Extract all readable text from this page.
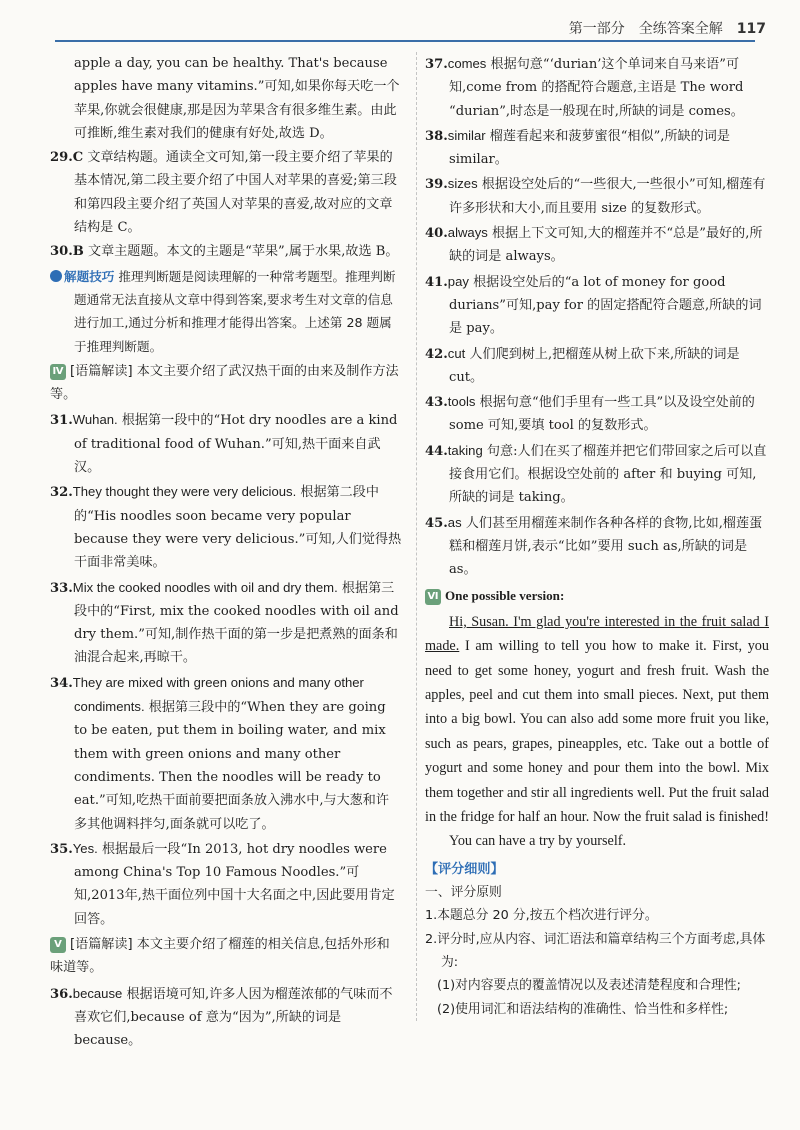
第一部分 全练答案全解 117
apple a day, you can be healthy. That's because apples have many vitamins.”可知,如果你每天吃一个苹果,你就会很健康,那是因为苹果含有很多维生素。由此可推断,维生素对我们的健康有好处,故选 D。
29.C 文章结构题。通读全文可知,第一段主要介绍了苹果的基本情况,第二段主要介绍了中国人对苹果的喜爱;第三段和第四段主要介绍了英国人对苹果的喜爱,故对应的文章结构是 C。
30.B 文章主题题。本文的主题是“苹果”,属于水果,故选 B。
解题技巧 推理判断题是阅读理解的一种常考题型。推理判断题通常无法直接从文章中得到答案,要求考生对文章的信息进行加工,通过分析和推理才能得出答案。上述第 28 题属于推理判断题。
Ⅳ [语篇解读] 本文主要介绍了武汉热干面的由来及制作方法等。
31.Wuhan. 根据第一段中的“Hot dry noodles are a kind of traditional food of Wuhan.”可知,热干面来自武汉。
32.They thought they were very delicious. 根据第二段中的“His noodles soon became very popular because they were very delicious.”可知,人们觉得热干面非常美味。
33.Mix the cooked noodles with oil and dry them. 根据第三段中的“First, mix the cooked noodles with oil and dry them.”可知,制作热干面的第一步是把煮熟的面条和油混合起来,再晾干。
34.They are mixed with green onions and many other condiments. 根据第三段中的“When they are going to be eaten, put them in boiling water, and mix them with green onions and many other condiments. Then the noodles will be ready to eat.”可知,吃热干面前要把面条放入沸水中,与大葱和许多其他调料拌匀,面条就可以吃了。
35.Yes. 根据最后一段“In 2013, hot dry noodles were among China's Top 10 Famous Noodles.”可知,2013年,热干面位列中国十大名面之中,因此要用肯定回答。
Ⅴ [语篇解读] 本文主要介绍了榴莲的相关信息,包括外形和味道等。
36.because 根据语境可知,许多人因为榴莲浓郁的气味而不喜欢它们,because of 意为“因为”,所缺的词是 because。
37.comes 根据句意“‘durian’这个单词来自马来语”可知,come from 的搭配符合题意,主语是 The word “durian”,时态是一般现在时,所缺的词是 comes。
38.similar 榴莲看起来和菠萝蜜很“相似”,所缺的词是 similar。
39.sizes 根据设空处后的“一些很大,一些很小”可知,榴莲有许多形状和大小,而且要用 size 的复数形式。
40.always 根据上下文可知,大的榴莲并不“总是”最好的,所缺的词是 always。
41.pay 根据设空处后的“a lot of money for good durians”可知,pay for 的固定搭配符合题意,所缺的词是 pay。
42.cut 人们爬到树上,把榴莲从树上砍下来,所缺的词是 cut。
43.tools 根据句意“他们手里有一些工具”以及设空处前的 some 可知,要填 tool 的复数形式。
44.taking 句意:人们在买了榴莲并把它们带回家之后可以直接食用它们。根据设空处前的 after 和 buying 可知,所缺的词是 taking。
45.as 人们甚至用榴莲来制作各种各样的食物,比如,榴莲蛋糕和榴莲月饼,表示“比如”要用 such as,所缺的词是 as。
Ⅵ One possible version:

Hi, Susan. I'm glad you're interested in the fruit salad I made. I am willing to tell you how to make it. First, you need to get some honey, yogurt and fresh fruit. Wash the apples, peel and cut them into small pieces. Next, put them into a big bowl. You can also add some more fruit you like, such as pears, grapes, pineapples, etc. Take out a bottle of yogurt and some honey and pour them into the bowl. Mix them together and stir all ingredients well. Put the fruit salad in the fridge for half an hour. Now the fruit salad is finished!

You can have a try by yourself.

【评分细则】
一、评分原则
1.本题总分 20 分,按五个档次进行评分。
2.评分时,应从内容、词汇语法和篇章结构三个方面考虑,具体为:
(1)对内容要点的覆盖情况以及表述清楚程度和合理性;
(2)使用词汇和语法结构的准确性、恰当性和多样性;
